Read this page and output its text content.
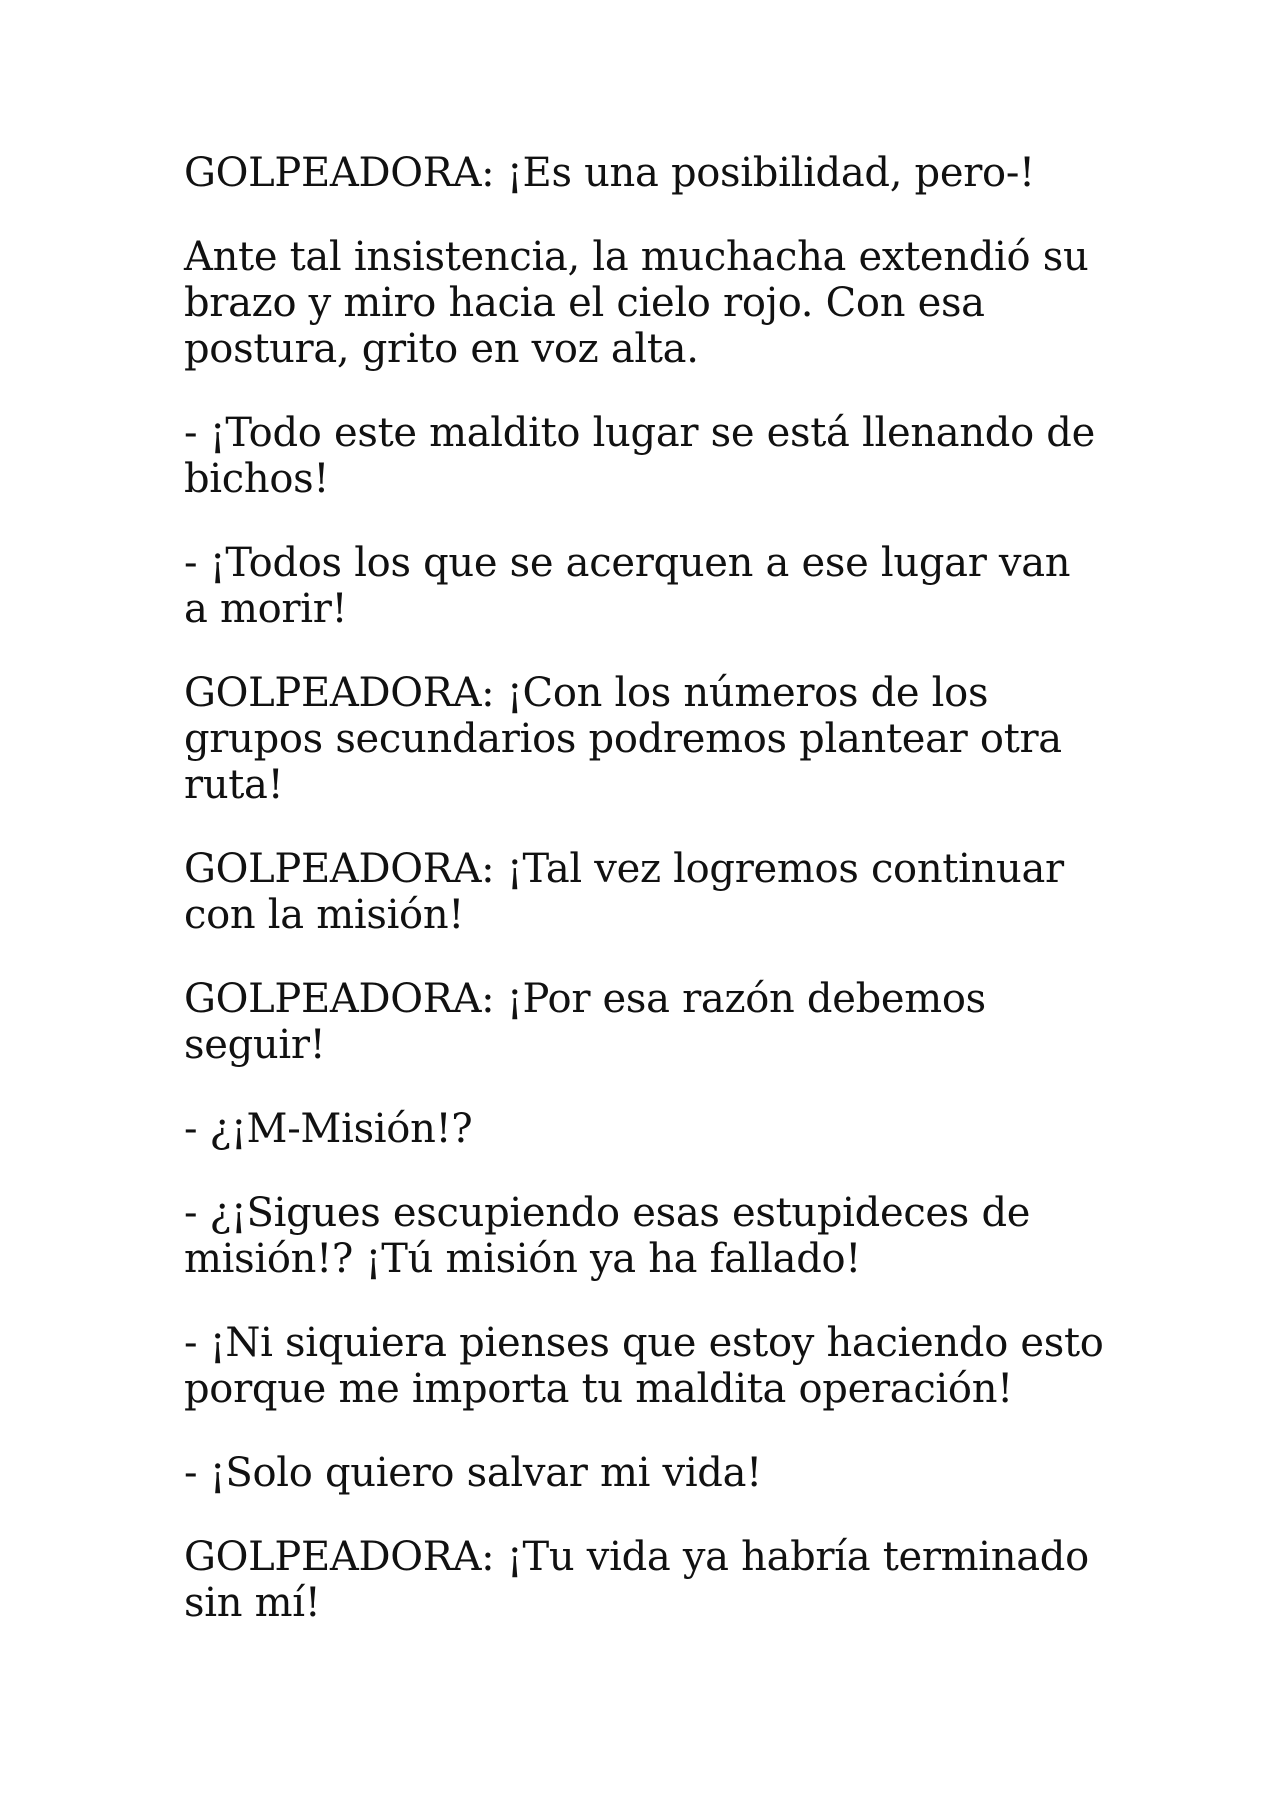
GOLPEADORA: ¡Es una posibilidad, pero-!

Ante tal insistencia, la muchacha extendió su brazo y miro hacia el cielo rojo. Con esa postura, grito en voz alta.

- ¡Todo este maldito lugar se está llenando de bichos!

- ¡Todos los que se acerquen a ese lugar van a morir!

GOLPEADORA: ¡Con los números de los grupos secundarios podremos plantear otra ruta!

GOLPEADORA: ¡Tal vez logremos continuar con la misión!

GOLPEADORA: ¡Por esa razón debemos seguir!

- ¿¡M-Misión!?

- ¿¡Sigues escupiendo esas estupideces de misión!? ¡Tú misión ya ha fallado!

- ¡Ni siquiera pienses que estoy haciendo esto porque me importa tu maldita operación!

- ¡Solo quiero salvar mi vida!

GOLPEADORA: ¡Tu vida ya habría terminado sin mí!
